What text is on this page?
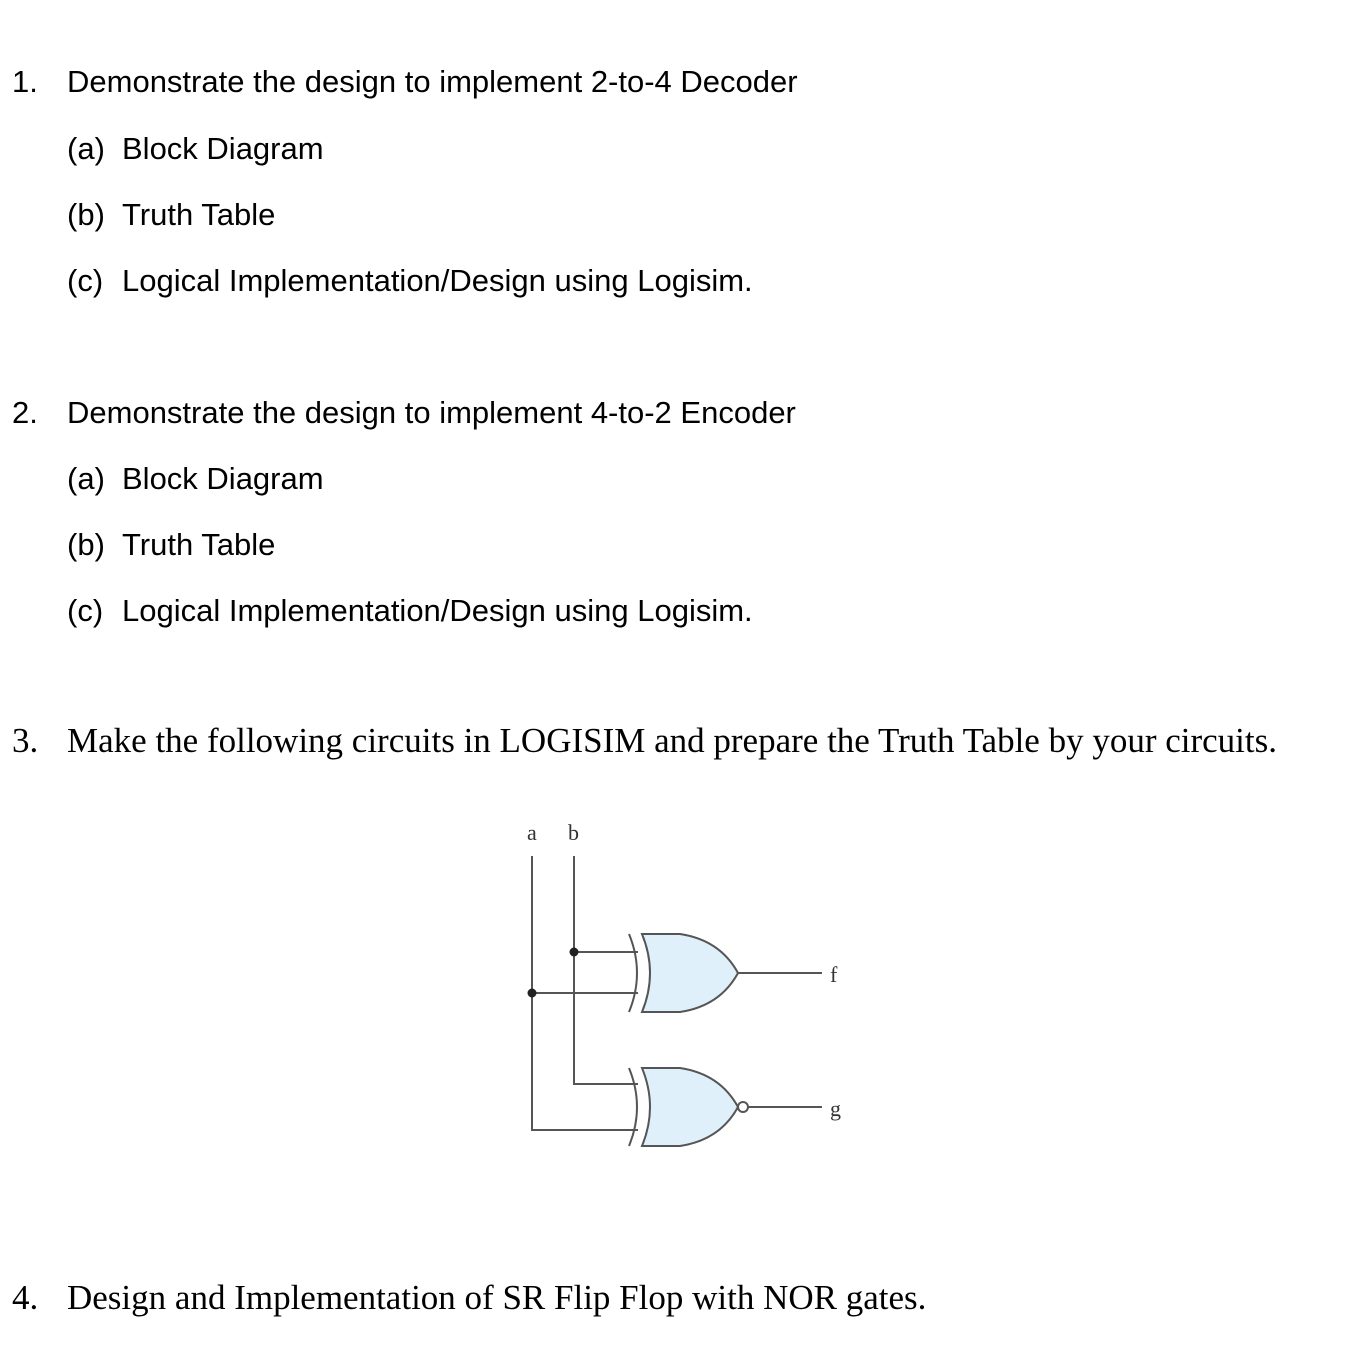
1. Demonstrate the design to implement 2-to-4 Decoder
(a) Block Diagram
(b) Truth Table
(c) Logical Implementation/Design using Logisim.
2. Demonstrate the design to implement 4-to-2 Encoder
(a) Block Diagram
(b) Truth Table
(c) Logical Implementation/Design using Logisim.
3. Make the following circuits in LOGISIM and prepare the Truth Table by your circuits.
a b
f
g
4. Design and Implementation of SR Flip Flop with NOR gates.
